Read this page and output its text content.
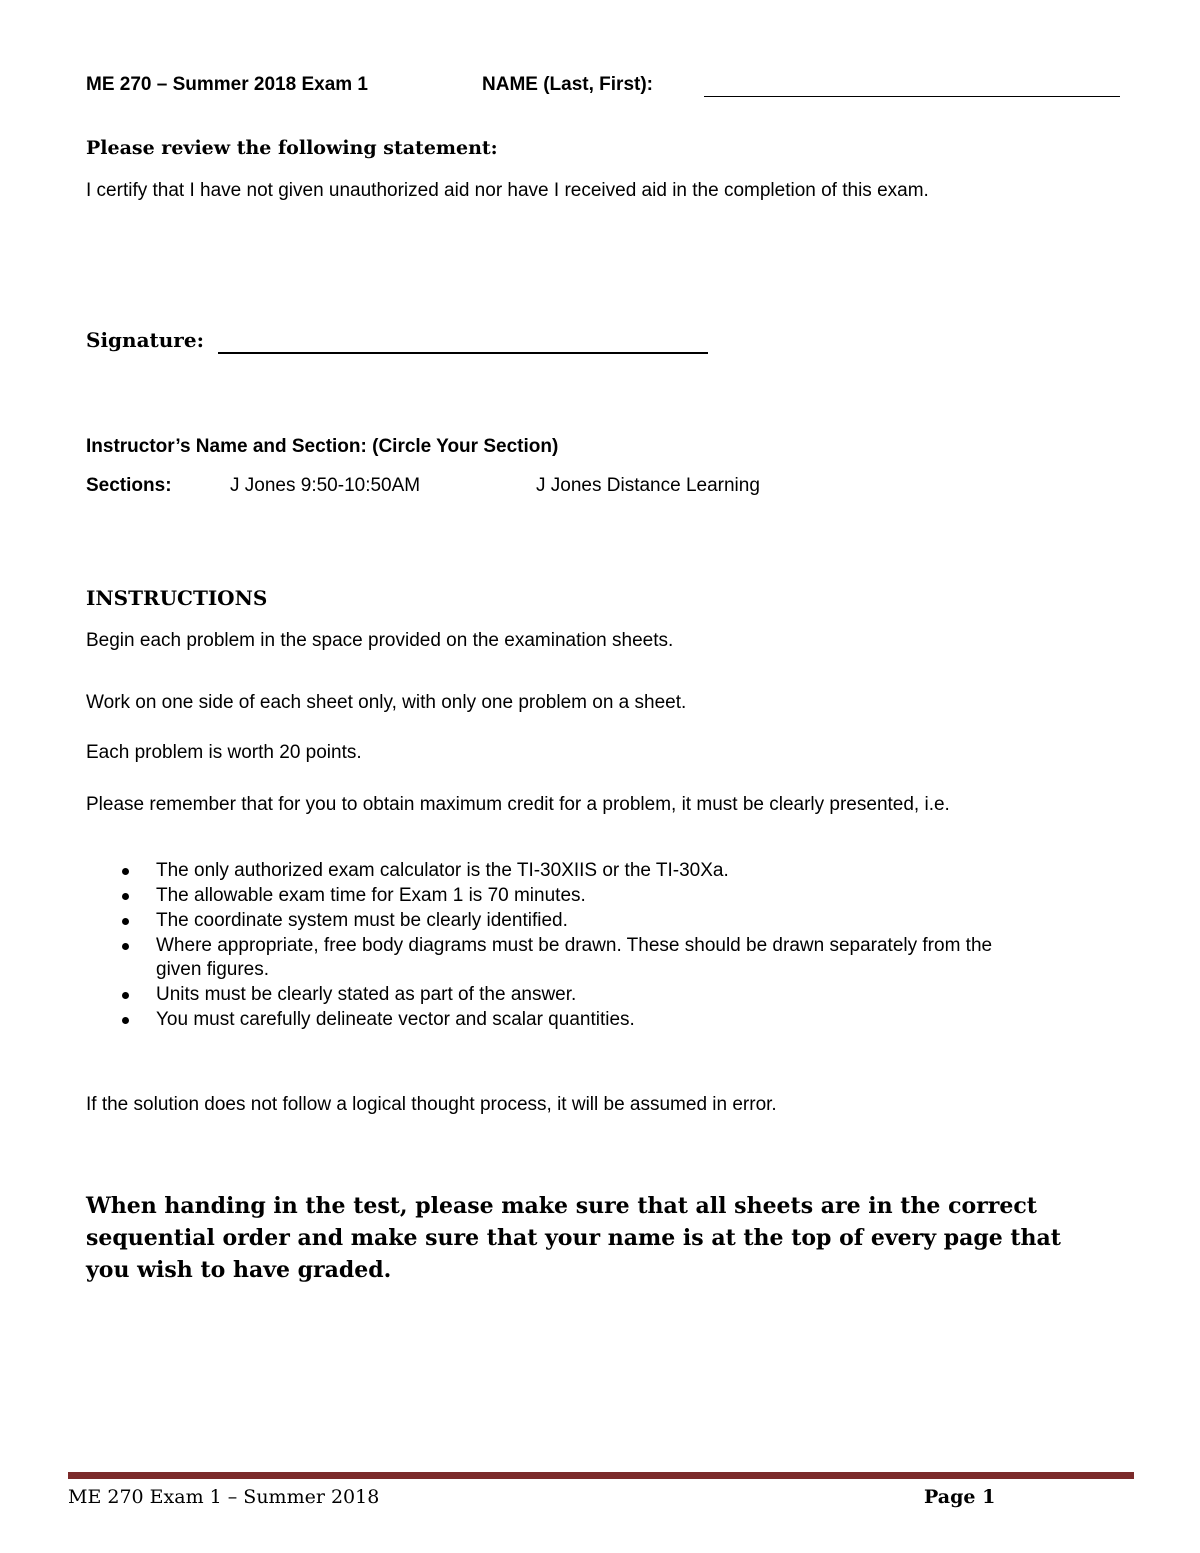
ME 270 – Summer 2018 Exam 1	NAME (Last, First):
Please review the following statement:
I certify that I have not given unauthorized aid nor have I received aid in the completion of this exam.
Signature:
Instructor’s Name and Section: (Circle Your Section)
Sections:	J Jones 9:50-10:50AM	J Jones Distance Learning
INSTRUCTIONS
Begin each problem in the space provided on the examination sheets.
Work on one side of each sheet only, with only one problem on a sheet.
Each problem is worth 20 points.
Please remember that for you to obtain maximum credit for a problem, it must be clearly presented, i.e.
The only authorized exam calculator is the TI-30XIIS or the TI-30Xa.
The allowable exam time for Exam 1 is 70 minutes.
The coordinate system must be clearly identified.
Where appropriate, free body diagrams must be drawn. These should be drawn separately from the given figures.
Units must be clearly stated as part of the answer.
You must carefully delineate vector and scalar quantities.
If the solution does not follow a logical thought process, it will be assumed in error.
When handing in the test, please make sure that all sheets are in the correct sequential order and make sure that your name is at the top of every page that you wish to have graded.
ME 270 Exam 1 – Summer 2018	Page 1
